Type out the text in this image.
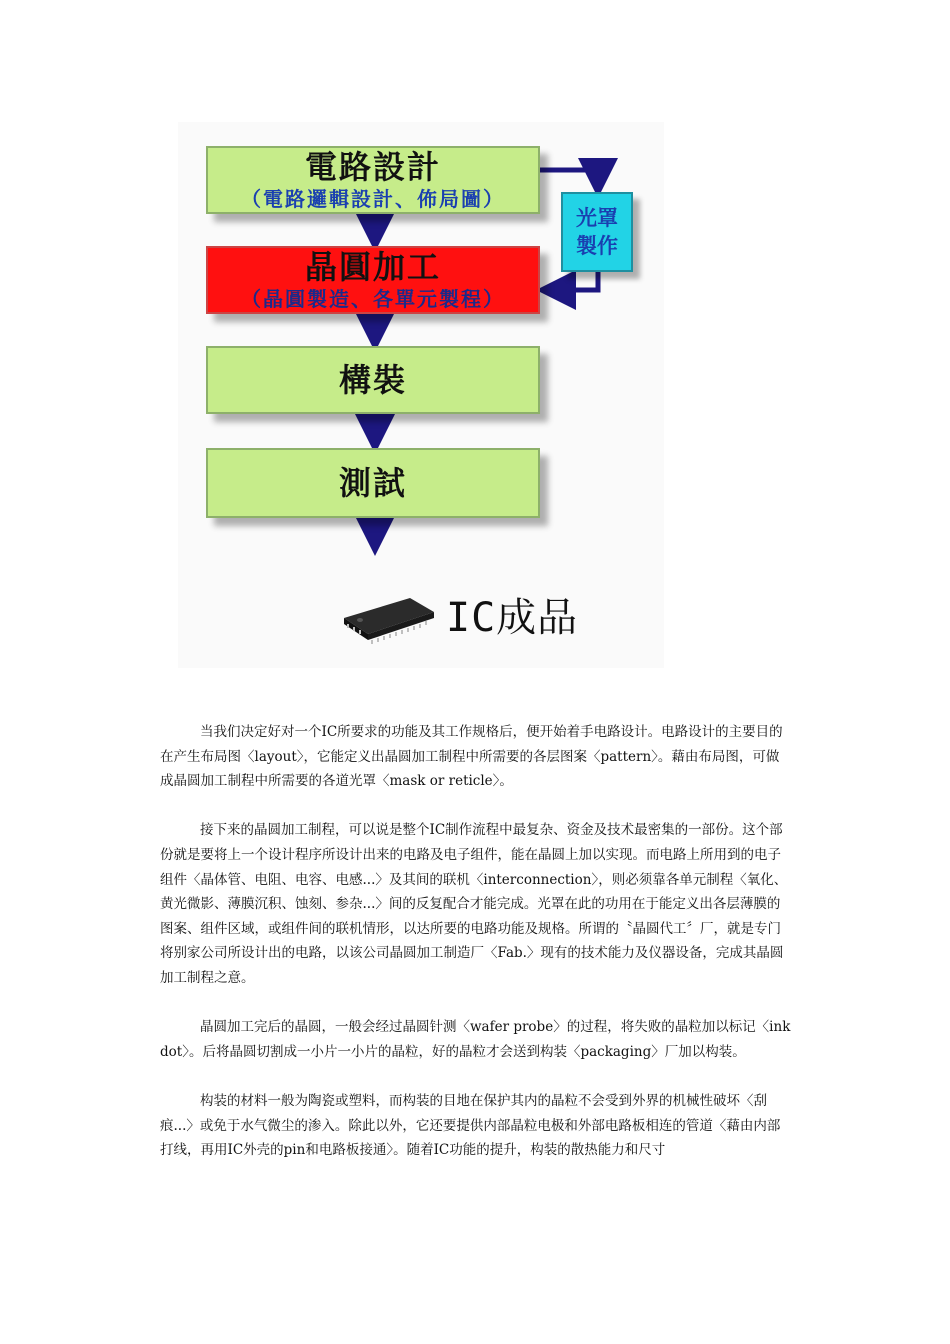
電路設計
（電路邏輯設計、佈局圖）
晶圓加工
（晶圓製造、各單元製程）
構裝
測試
光罩
製作
IC成品

当我们决定好对一个IC所要求的功能及其工作规格后，便开始着手电路设计。电路设计的主要目的在产生布局图〈layout〉，它能定义出晶圆加工制程中所需要的各层图案〈pattern〉。藉由布局图，可做成晶圆加工制程中所需要的各道光罩〈mask or reticle〉。

接下来的晶圆加工制程，可以说是整个IC制作流程中最复杂、资金及技术最密集的一部份。这个部份就是要将上一个设计程序所设计出来的电路及电子组件，能在晶圆上加以实现。而电路上所用到的电子组件〈晶体管、电阻、电容、电感...〉及其间的联机〈interconnection〉，则必须靠各单元制程〈氧化、黄光微影、薄膜沉积、蚀刻、参杂...〉间的反复配合才能完成。光罩在此的功用在于能定义出各层薄膜的图案、组件区域，或组件间的联机情形，以达所要的电路功能及规格。所谓的〝晶圆代工〞厂，就是专门将别家公司所设计出的电路，以该公司晶圆加工制造厂〈Fab.〉现有的技术能力及仪器设备，完成其晶圆加工制程之意。

晶圆加工完后的晶圆，一般会经过晶圆针测〈wafer probe〉的过程，将失败的晶粒加以标记〈ink dot〉。后将晶圆切割成一小片一小片的晶粒，好的晶粒才会送到构装〈packaging〉厂加以构装。

构装的材料一般为陶瓷或塑料，而构装的目地在保护其内的晶粒不会受到外界的机械性破坏〈刮痕...〉或免于水气微尘的渗入。除此以外，它还要提供内部晶粒电极和外部电路板相连的管道〈藉由内部打线，再用IC外壳的pin和电路板接通〉。随着IC功能的提升，构装的散热能力和尺寸
